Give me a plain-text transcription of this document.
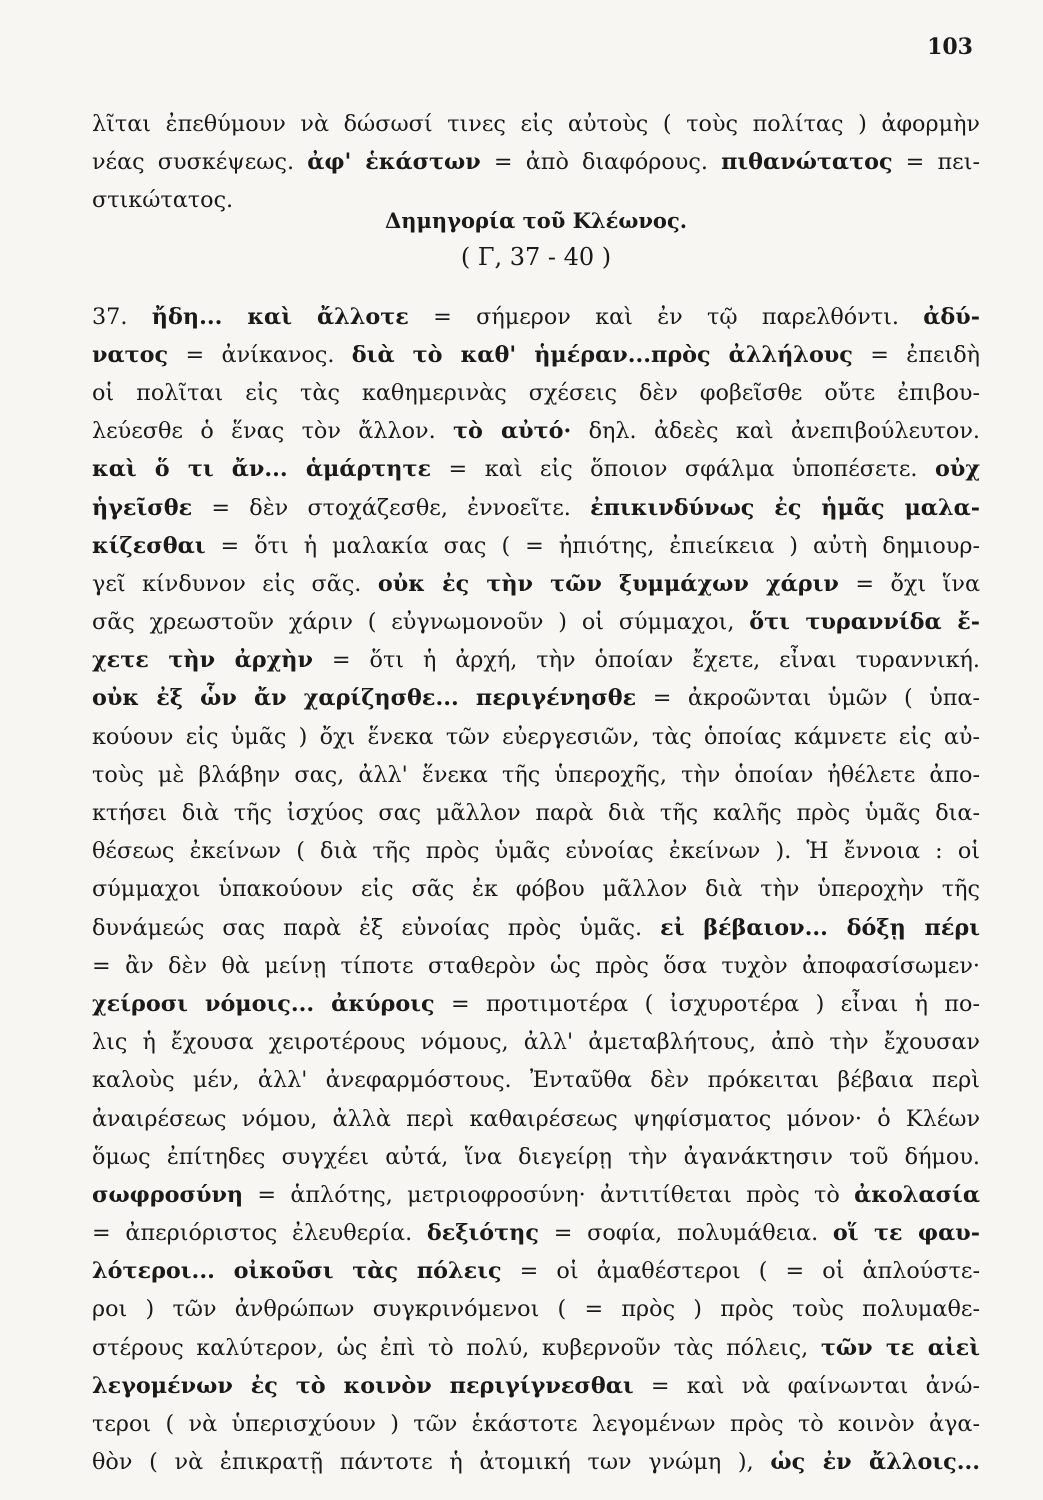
103
λῖται ἐπεθύμουν νὰ δώσωσί τινες εἰς αὐτοὺς ( τοὺς πολίτας ) ἀφορμὴν
νέας συσκέψεως. ἀφ' ἑκάστων = ἀπὸ διαφόρους. πιθανώτατος = πει-
στικώτατος.
Δημηγορία τοῦ Κλέωνος.
( Γ, 37 - 40 )
37. ἤδη... καὶ ἄλλοτε = σήμερον καὶ ἐν τῷ παρελθόντι. ἀδύ-
νατος = ἀνίκανος. διὰ τὸ καθ' ἡμέραν...πρὸς ἀλλήλους = ἐπειδὴ
οἱ πολῖται εἰς τὰς καθημερινὰς σχέσεις δὲν φοβεῖσθε οὔτε ἐπιβου-
λεύεσθε ὁ ἕνας τὸν ἄλλον. τὸ αὐτό· δηλ. ἀδεὲς καὶ ἀνεπιβούλευτον.
καὶ ὅ τι ἄν... ἁμάρτητε = καὶ εἰς ὅποιον σφάλμα ὑποπέσετε. οὐχ
ἡγεῖσθε = δὲν στοχάζεσθε, ἐννοεῖτε. ἐπικινδύνως ἐς ἡμᾶς μαλα-
κίζεσθαι = ὅτι ἡ μαλακία σας ( = ἠπιότης, ἐπιείκεια ) αὐτὴ δημιουρ-
γεῖ κίνδυνον εἰς σᾶς. οὐκ ἐς τὴν τῶν ξυμμάχων χάριν = ὄχι ἵνα
σᾶς χρεωστοῦν χάριν ( εὐγνωμονοῦν ) οἱ σύμμαχοι, ὅτι τυραννίδα ἔ-
χετε τὴν ἀρχὴν = ὅτι ἡ ἀρχή, τὴν ὁποίαν ἔχετε, εἶναι τυραννική.
οὐκ ἐξ ὧν ἄν χαρίζησθε... περιγένησθε = ἀκροῶνται ὑμῶν ( ὑπα-
κούουν εἰς ὑμᾶς ) ὄχι ἕνεκα τῶν εὐεργεσιῶν, τὰς ὁποίας κάμνετε εἰς αὐ-
τοὺς μὲ βλάβην σας, ἀλλ' ἕνεκα τῆς ὑπεροχῆς, τὴν ὁποίαν ἠθέλετε ἀπο-
κτήσει διὰ τῆς ἰσχύος σας μᾶλλον παρὰ διὰ τῆς καλῆς πρὸς ὑμᾶς δια-
θέσεως ἐκείνων ( διὰ τῆς πρὸς ὑμᾶς εὐνοίας ἐκείνων ). Ἡ ἔννοια : οἱ
σύμμαχοι ὑπακούουν εἰς σᾶς ἐκ φόβου μᾶλλον διὰ τὴν ὑπεροχὴν τῆς
δυνάμεώς σας παρὰ ἐξ εὐνοίας πρὸς ὑμᾶς. εἰ βέβαιον... δόξῃ πέρι
= ἂν δὲν θὰ μείνῃ τίποτε σταθερὸν ὡς πρὸς ὅσα τυχὸν ἀποφασίσωμεν·
χείροσι νόμοις... ἀκύροις = προτιμοτέρα ( ἰσχυροτέρα ) εἶναι ἡ πο-
λις ἡ ἔχουσα χειροτέρους νόμους, ἀλλ' ἀμεταβλήτους, ἀπὸ τὴν ἔχουσαν
καλοὺς μέν, ἀλλ' ἀνεφαρμόστους. Ἐνταῦθα δὲν πρόκειται βέβαια περὶ
ἀναιρέσεως νόμου, ἀλλὰ περὶ καθαιρέσεως ψηφίσματος μόνον· ὁ Κλέων
ὅμως ἐπίτηδες συγχέει αὐτά, ἵνα διεγείρῃ τὴν ἀγανάκτησιν τοῦ δήμου.
σωφροσύνη = ἁπλότης, μετριοφροσύνη· ἀντιτίθεται πρὸς τὸ ἀκολασία
= ἀπεριόριστος ἐλευθερία. δεξιότης = σοφία, πολυμάθεια. οἵ τε φαυ-
λότεροι... οἰκοῦσι τὰς πόλεις = οἱ ἀμαθέστεροι ( = οἱ ἁπλούστε-
ροι ) τῶν ἀνθρώπων συγκρινόμενοι ( = πρὸς ) πρὸς τοὺς πολυμαθε-
στέρους καλύτερον, ὡς ἐπὶ τὸ πολύ, κυβερνοῦν τὰς πόλεις, τῶν τε αἰεὶ
λεγομένων ἐς τὸ κοινὸν περιγίγνεσθαι = καὶ νὰ φαίνωνται ἀνώ-
τεροι ( νὰ ὑπερισχύουν ) τῶν ἑκάστοτε λεγομένων πρὸς τὸ κοινὸν ἀγα-
θὸν ( νὰ ἐπικρατῇ πάντοτε ἡ ἀτομική των γνώμη ), ὡς ἐν ἄλλοις...
